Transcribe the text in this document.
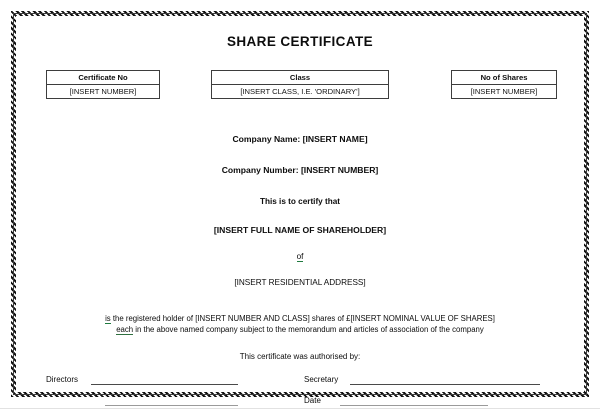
SHARE CERTIFICATE
Certificate No
[INSERT NUMBER]
Class
[INSERT CLASS, I.E. 'ORDINARY']
No of Shares
[INSERT NUMBER]
Company Name: [INSERT NAME]
Company Number: [INSERT NUMBER]
This is to certify that
[INSERT FULL NAME OF SHAREHOLDER]
of
[INSERT RESIDENTIAL ADDRESS]
is the registered holder of [INSERT NUMBER AND CLASS] shares of £[INSERT NOMINAL VALUE OF SHARES]
each in the above named company subject to the memorandum and articles of association of the company
This certificate was authorised by:
Directors	Secretary
Date
